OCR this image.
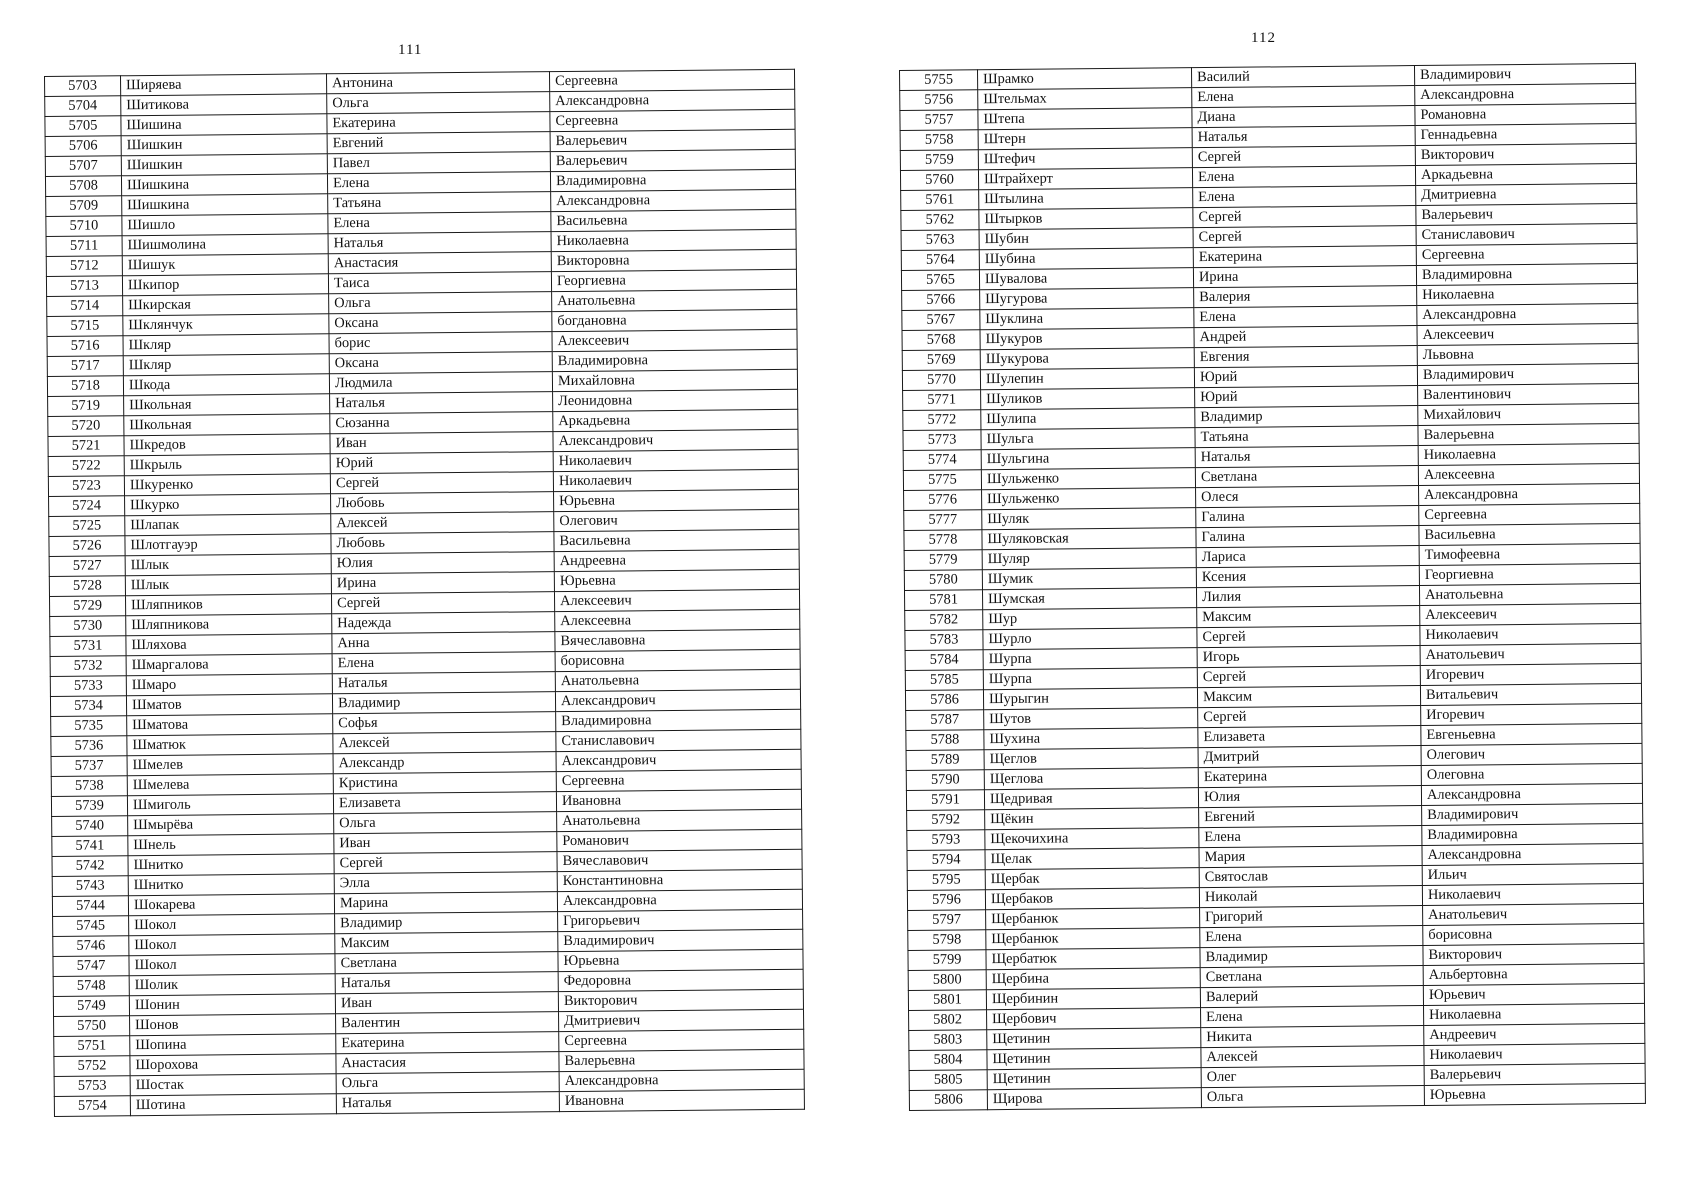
111
112
5703	Ширяева	Антонина	Сергеевна
5704	Шитикова	Ольга	Александровна
5705	Шишина	Екатерина	Сергеевна
5706	Шишкин	Евгений	Валерьевич
5707	Шишкин	Павел	Валерьевич
5708	Шишкина	Елена	Владимировна
5709	Шишкина	Татьяна	Александровна
5710	Шишло	Елена	Васильевна
5711	Шишмолина	Наталья	Николаевна
5712	Шишук	Анастасия	Викторовна
5713	Шкипор	Таиса	Георгиевна
5714	Шкирская	Ольга	Анатольевна
5715	Шклянчук	Оксана	богдановна
5716	Шкляр	борис	Алексеевич
5717	Шкляр	Оксана	Владимировна
5718	Шкода	Людмила	Михайловна
5719	Школьная	Наталья	Леонидовна
5720	Школьная	Сюзанна	Аркадьевна
5721	Шкредов	Иван	Александрович
5722	Шкрыль	Юрий	Николаевич
5723	Шкуренко	Сергей	Николаевич
5724	Шкурко	Любовь	Юрьевна
5725	Шлапак	Алексей	Олегович
5726	Шлотгауэр	Любовь	Васильевна
5727	Шлык	Юлия	Андреевна
5728	Шлык	Ирина	Юрьевна
5729	Шляпников	Сергей	Алексеевич
5730	Шляпникова	Надежда	Алексеевна
5731	Шляхова	Анна	Вячеславовна
5732	Шмаргалова	Елена	борисовна
5733	Шмаро	Наталья	Анатольевна
5734	Шматов	Владимир	Александрович
5735	Шматова	Софья	Владимировна
5736	Шматюк	Алексей	Станиславович
5737	Шмелев	Александр	Александрович
5738	Шмелева	Кристина	Сергеевна
5739	Шмиголь	Елизавета	Ивановна
5740	Шмырёва	Ольга	Анатольевна
5741	Шнель	Иван	Романович
5742	Шнитко	Сергей	Вячеславович
5743	Шнитко	Элла	Константиновна
5744	Шокарева	Марина	Александровна
5745	Шокол	Владимир	Григорьевич
5746	Шокол	Максим	Владимирович
5747	Шокол	Светлана	Юрьевна
5748	Шолик	Наталья	Федоровна
5749	Шонин	Иван	Викторович
5750	Шонов	Валентин	Дмитриевич
5751	Шопина	Екатерина	Сергеевна
5752	Шорохова	Анастасия	Валерьевна
5753	Шостак	Ольга	Александровна
5754	Шотина	Наталья	Ивановна
5755	Шрамко	Василий	Владимирович
5756	Штельмах	Елена	Александровна
5757	Штепа	Диана	Романовна
5758	Штерн	Наталья	Геннадьевна
5759	Штефич	Сергей	Викторович
5760	Штрайхерт	Елена	Аркадьевна
5761	Штылина	Елена	Дмитриевна
5762	Штырков	Сергей	Валерьевич
5763	Шубин	Сергей	Станиславович
5764	Шубина	Екатерина	Сергеевна
5765	Шувалова	Ирина	Владимировна
5766	Шугурова	Валерия	Николаевна
5767	Шуклина	Елена	Александровна
5768	Шукуров	Андрей	Алексеевич
5769	Шукурова	Евгения	Львовна
5770	Шулепин	Юрий	Владимирович
5771	Шуликов	Юрий	Валентинович
5772	Шулипа	Владимир	Михайлович
5773	Шульга	Татьяна	Валерьевна
5774	Шульгина	Наталья	Николаевна
5775	Шульженко	Светлана	Алексеевна
5776	Шульженко	Олеся	Александровна
5777	Шуляк	Галина	Сергеевна
5778	Шуляковская	Галина	Васильевна
5779	Шуляр	Лариса	Тимофеевна
5780	Шумик	Ксения	Георгиевна
5781	Шумская	Лилия	Анатольевна
5782	Шур	Максим	Алексеевич
5783	Шурло	Сергей	Николаевич
5784	Шурпа	Игорь	Анатольевич
5785	Шурпа	Сергей	Игоревич
5786	Шурыгин	Максим	Витальевич
5787	Шутов	Сергей	Игоревич
5788	Шухина	Елизавета	Евгеньевна
5789	Щеглов	Дмитрий	Олегович
5790	Щеглова	Екатерина	Олеговна
5791	Щедривая	Юлия	Александровна
5792	Щёкин	Евгений	Владимирович
5793	Щекочихина	Елена	Владимировна
5794	Щелак	Мария	Александровна
5795	Щербак	Святослав	Ильич
5796	Щербаков	Николай	Николаевич
5797	Щербанюк	Григорий	Анатольевич
5798	Щербанюк	Елена	борисовна
5799	Щербатюк	Владимир	Викторович
5800	Щербина	Светлана	Альбертовна
5801	Щербинин	Валерий	Юрьевич
5802	Щербович	Елена	Николаевна
5803	Щетинин	Никита	Андреевич
5804	Щетинин	Алексей	Николаевич
5805	Щетинин	Олег	Валерьевич
5806	Щирова	Ольга	Юрьевна
